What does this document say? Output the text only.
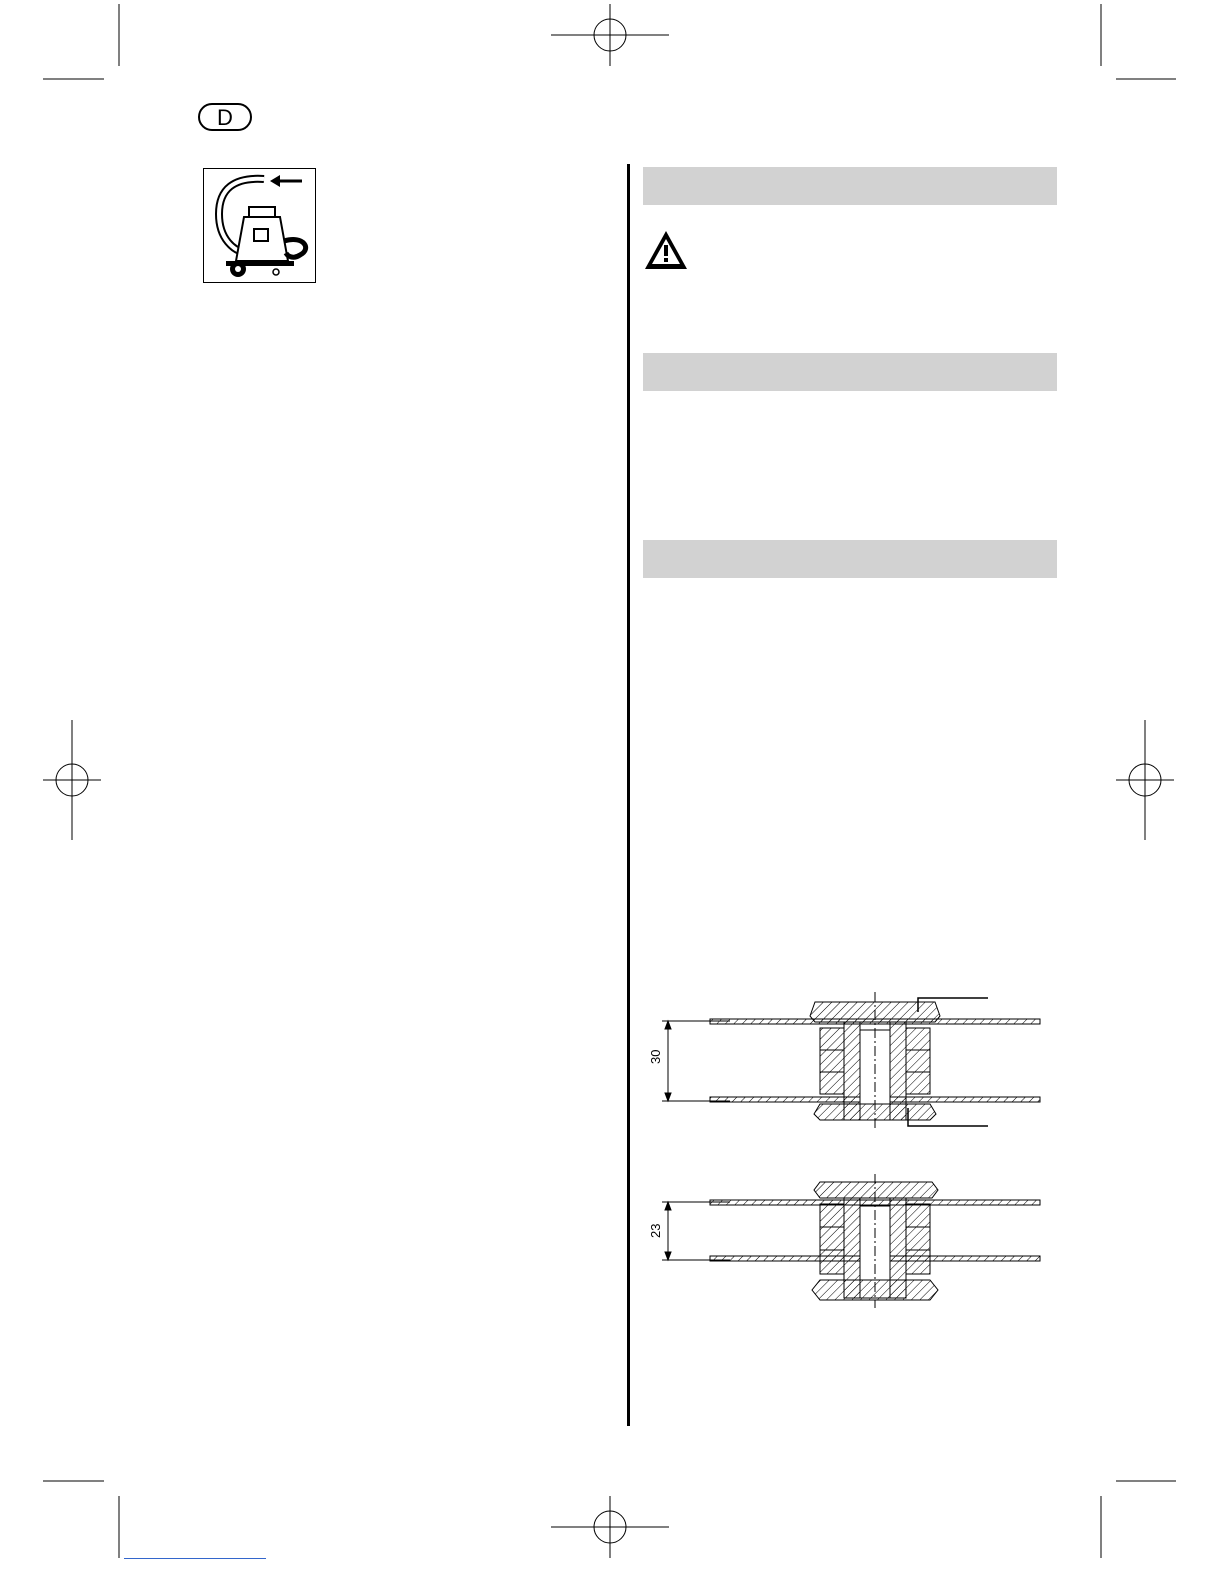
D
30
23
